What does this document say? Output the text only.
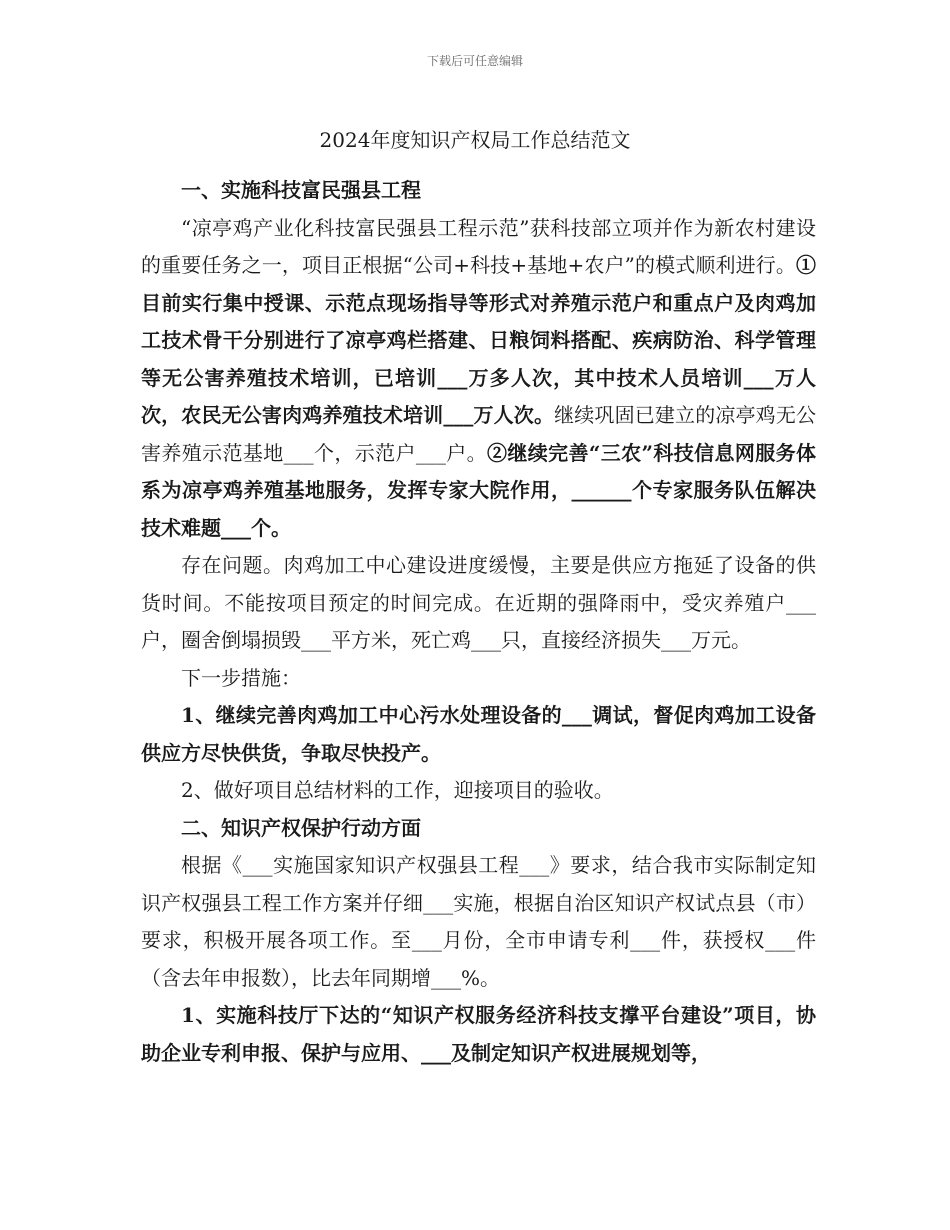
下载后可任意编辑
2024年度知识产权局工作总结范文

一、实施科技富民强县工程

“凉亭鸡产业化科技富民强县工程示范”获科技部立项并作为新农村建设的重要任务之一，项目正根据“公司+科技+基地+农户”的模式顺利进行。①目前实行集中授课、示范点现场指导等形式对养殖示范户和重点户及肉鸡加工技术骨干分别进行了凉亭鸡栏搭建、日粮饲料搭配、疾病防治、科学管理等无公害养殖技术培训，已培训___万多人次，其中技术人员培训___万人次，农民无公害肉鸡养殖技术培训___万人次。继续巩固已建立的凉亭鸡无公害养殖示范基地___个，示范户___户。②继续完善“三农”科技信息网服务体系为凉亭鸡养殖基地服务，发挥专家大院作用，______个专家服务队伍解决技术难题___个。

存在问题。肉鸡加工中心建设进度缓慢，主要是供应方拖延了设备的供货时间。不能按项目预定的时间完成。在近期的强降雨中，受灾养殖户___户，圈舍倒塌损毁___平方米，死亡鸡___只，直接经济损失___万元。

下一步措施：

1、继续完善肉鸡加工中心污水处理设备的___调试，督促肉鸡加工设备供应方尽快供货，争取尽快投产。

2、做好项目总结材料的工作，迎接项目的验收。

二、知识产权保护行动方面

根据《___实施国家知识产权强县工程___》要求，结合我市实际制定知识产权强县工程工作方案并仔细___实施，根据自治区知识产权试点县（市）要求，积极开展各项工作。至___月份，全市申请专利___件，获授权___件（含去年申报数），比去年同期增___%。

1、实施科技厅下达的“知识产权服务经济科技支撑平台建设”项目，协助企业专利申报、保护与应用、___及制定知识产权进展规划等，
